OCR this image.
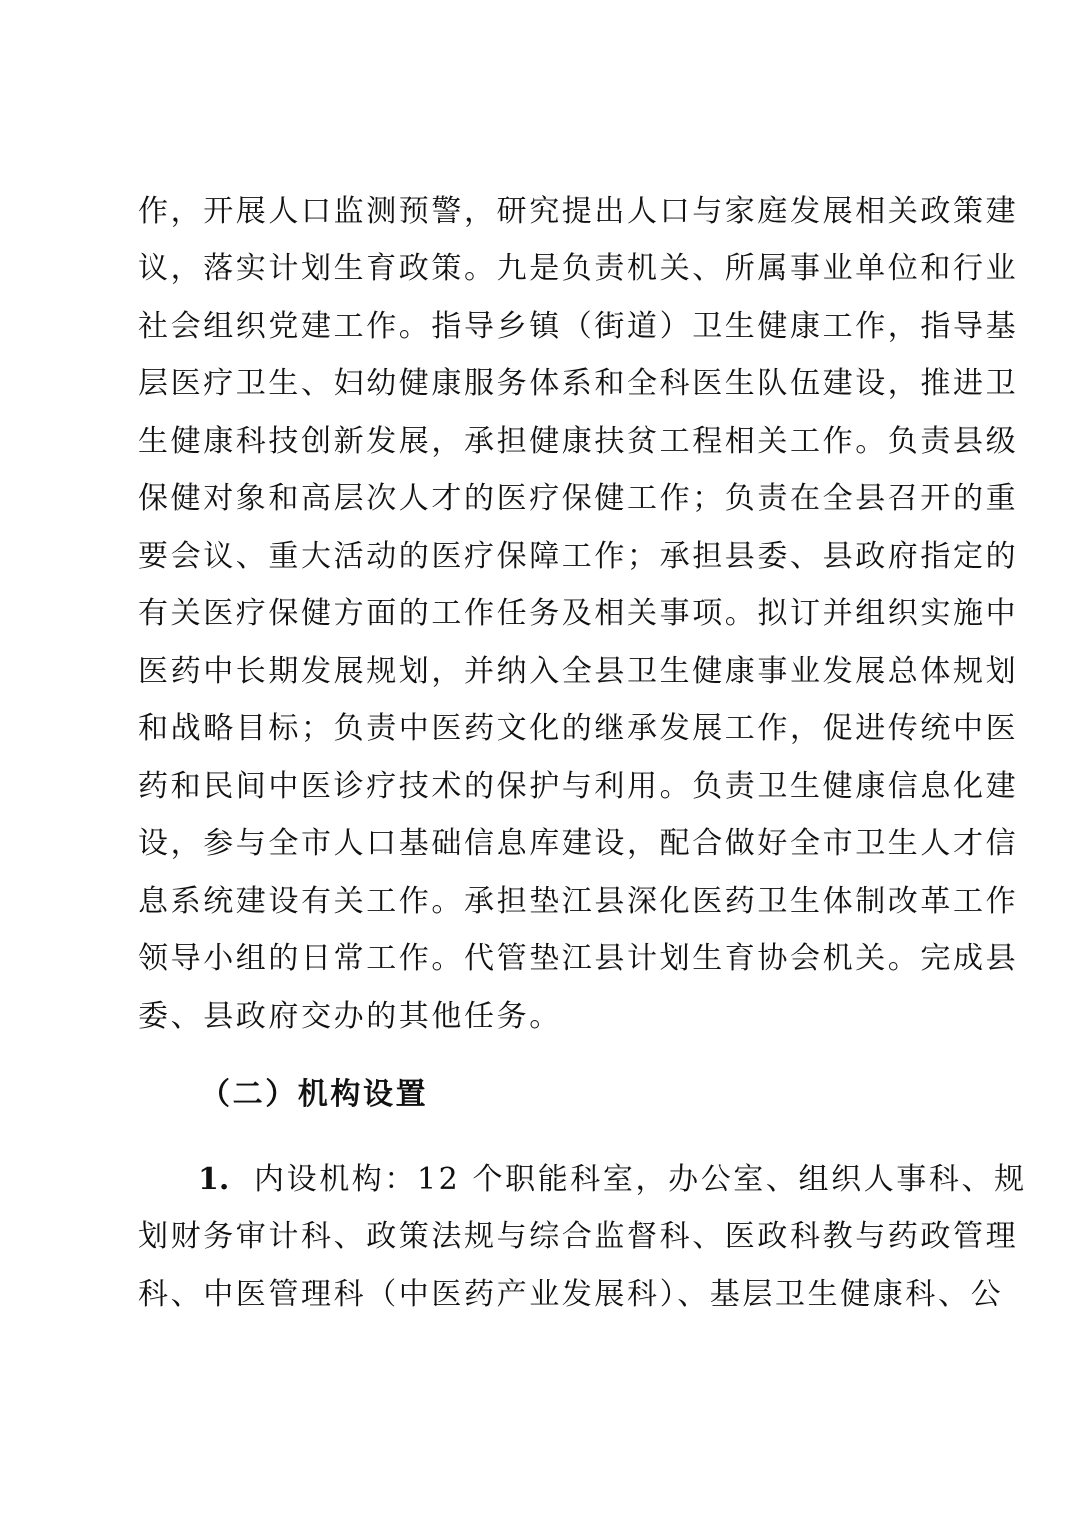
作，开展人口监测预警，研究提出人口与家庭发展相关政策建
议，落实计划生育政策。九是负责机关、所属事业单位和行业
社会组织党建工作。指导乡镇（街道）卫生健康工作，指导基
层医疗卫生、妇幼健康服务体系和全科医生队伍建设，推进卫
生健康科技创新发展，承担健康扶贫工程相关工作。负责县级
保健对象和高层次人才的医疗保健工作；负责在全县召开的重
要会议、重大活动的医疗保障工作；承担县委、县政府指定的
有关医疗保健方面的工作任务及相关事项。拟订并组织实施中
医药中长期发展规划，并纳入全县卫生健康事业发展总体规划
和战略目标；负责中医药文化的继承发展工作，促进传统中医
药和民间中医诊疗技术的保护与利用。负责卫生健康信息化建
设，参与全市人口基础信息库建设，配合做好全市卫生人才信
息系统建设有关工作。承担垫江县深化医药卫生体制改革工作
领导小组的日常工作。代管垫江县计划生育协会机关。完成县
委、县政府交办的其他任务。
（二）机构设置
1. 内设机构：12 个职能科室，办公室、组织人事科、规
划财务审计科、政策法规与综合监督科、医政科教与药政管理
科、中医管理科（中医药产业发展科）、基层卫生健康科、公
